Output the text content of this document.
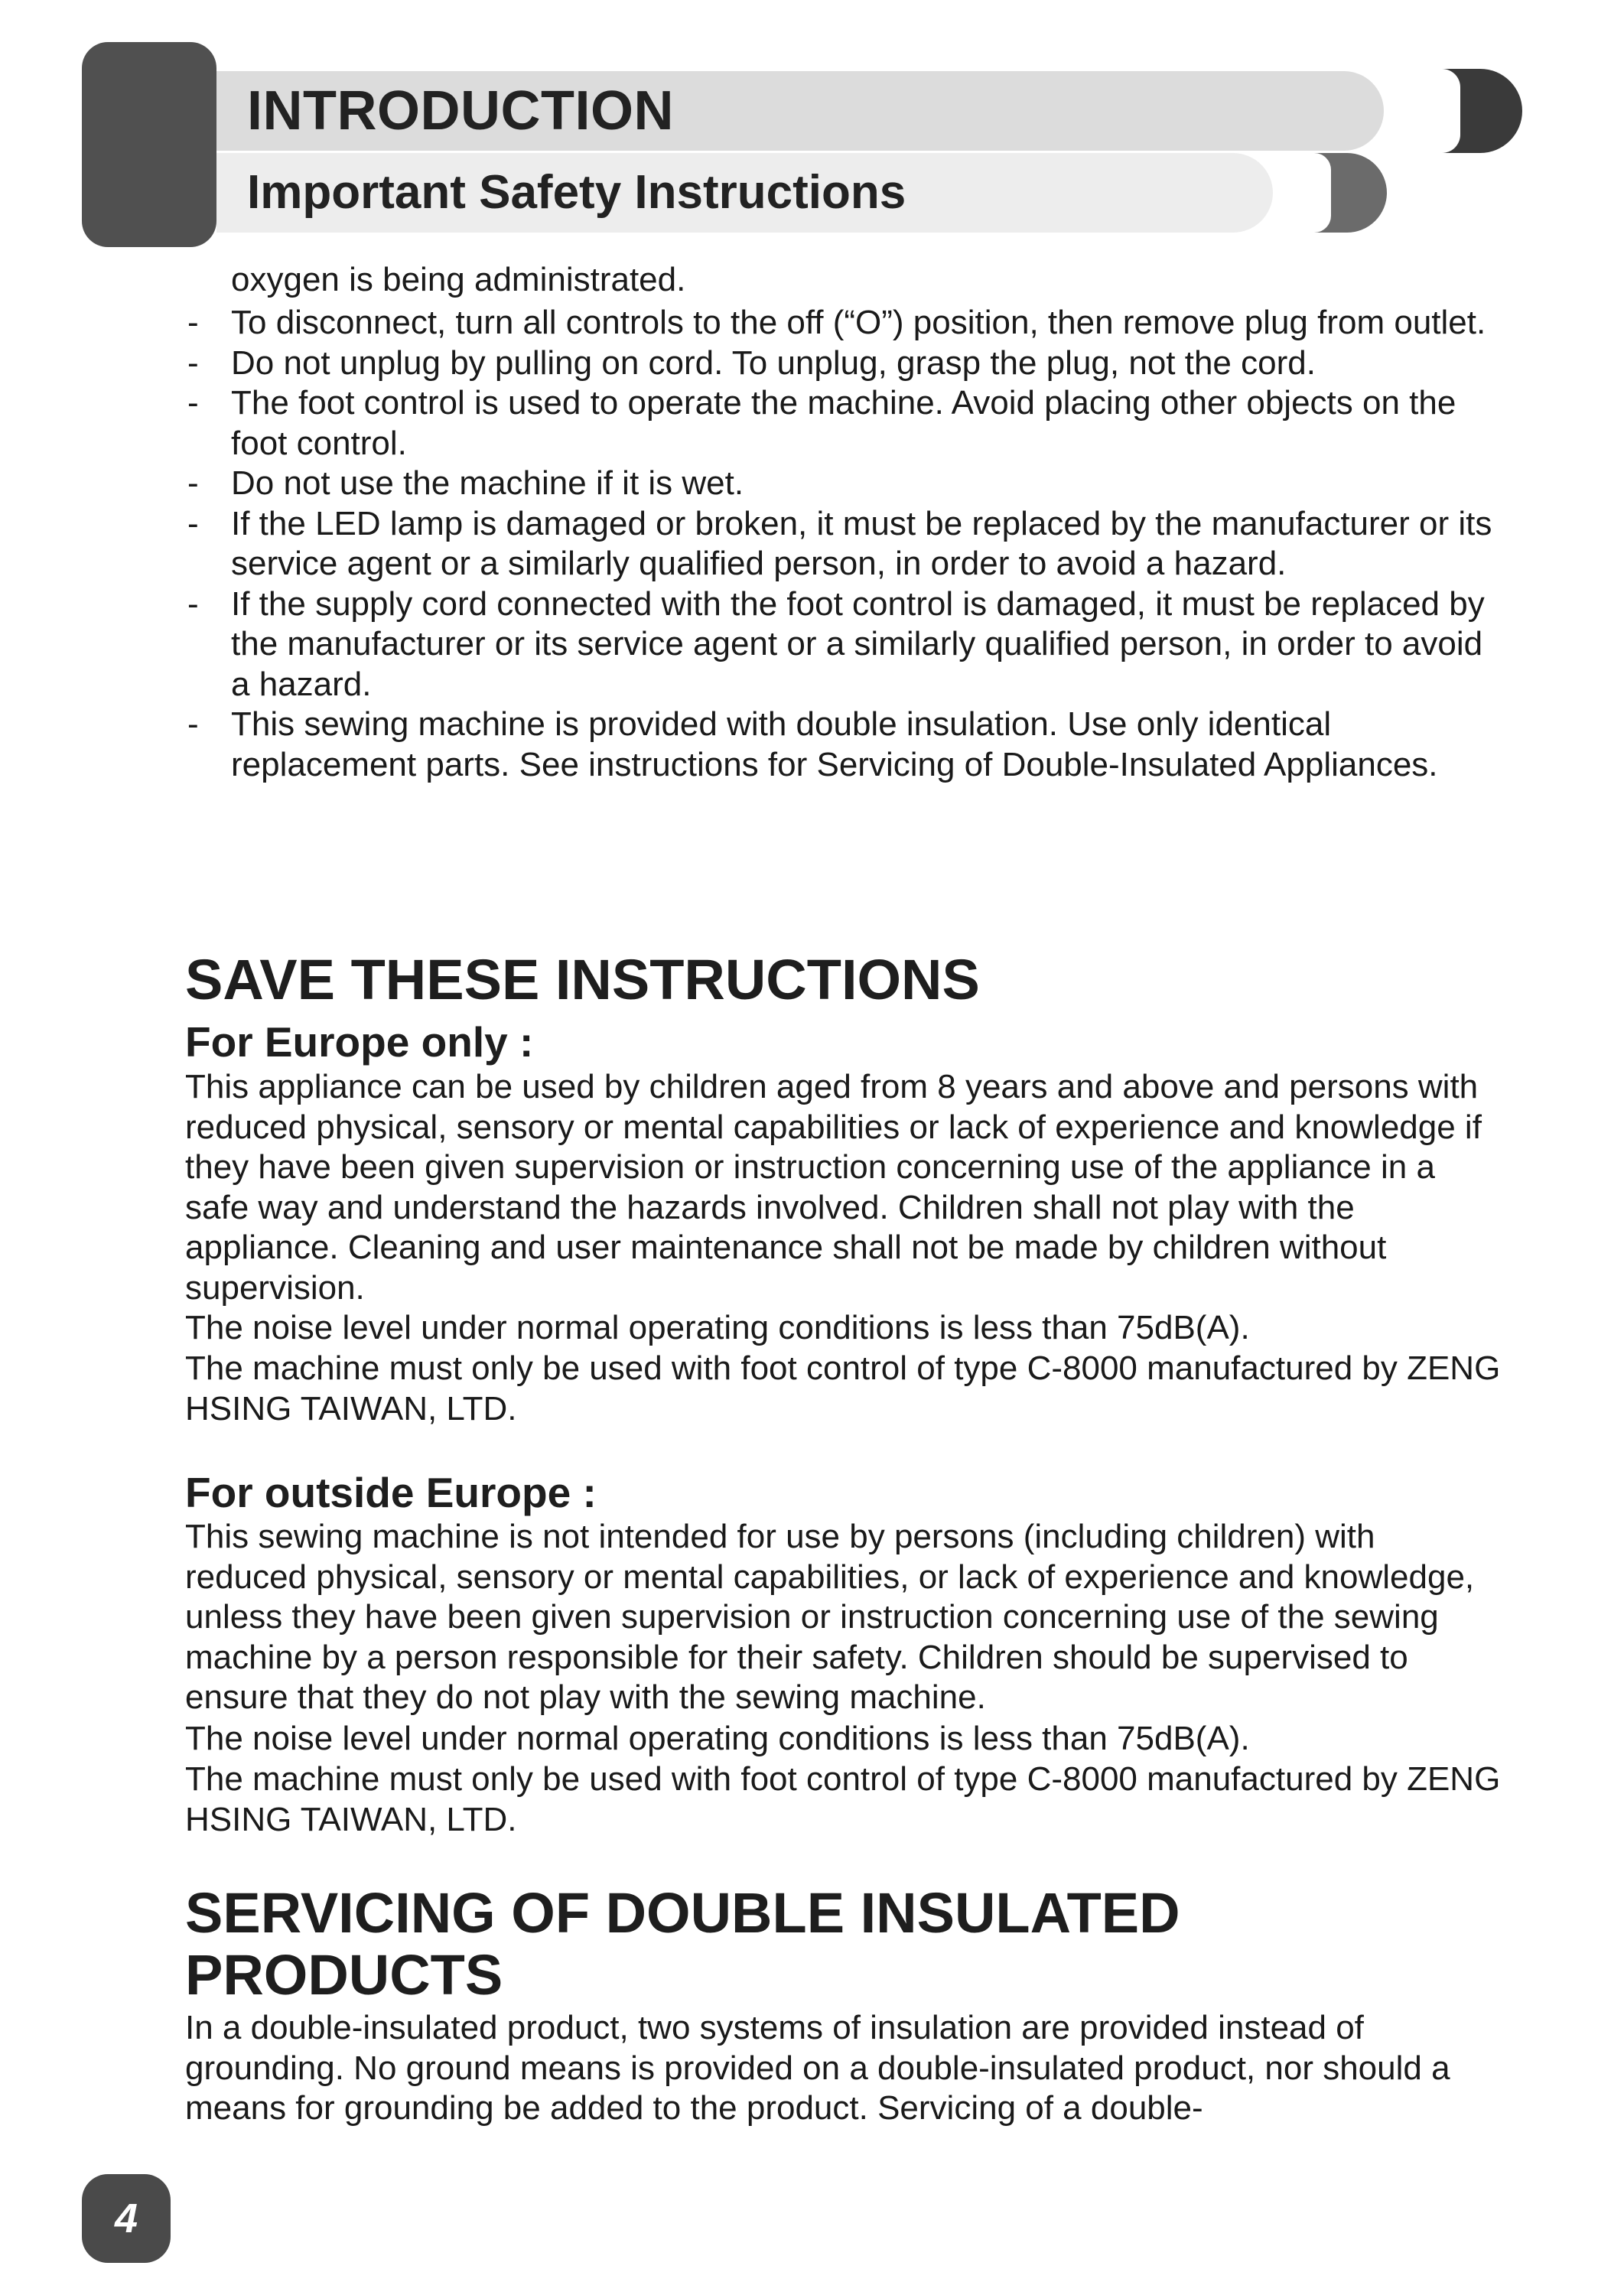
INTRODUCTION
Important Safety Instructions

oxygen is being administrated.

- To disconnect, turn all controls to the off (“O”) position, then remove plug from outlet.
- Do not unplug by pulling on cord. To unplug, grasp the plug, not the cord.
- The foot control is used to operate the machine. Avoid placing other objects on the foot control.
- Do not use the machine if it is wet.
- If the LED lamp is damaged or broken, it must be replaced by the manufacturer or its service agent or a similarly qualified person, in order to avoid a hazard.
- If the supply cord connected with the foot control is damaged, it must be replaced by the manufacturer or its service agent or a similarly qualified person, in order to avoid a hazard.
- This sewing machine is provided with double insulation. Use only identical replacement parts. See instructions for Servicing of Double-Insulated Appliances.
SAVE THESE INSTRUCTIONS
For Europe only :

This appliance can be used by children aged from 8 years and above and persons with reduced physical, sensory or mental capabilities or lack of experience and knowledge if they have been given supervision or instruction concerning use of the appliance in a safe way and understand the hazards involved. Children shall not play with the appliance. Cleaning and user maintenance shall not be made by children without supervision.

The noise level under normal operating conditions is less than 75dB(A).

The machine must only be used with foot control of type C-8000 manufactured by ZENG HSING TAIWAN, LTD.

For outside Europe :

This sewing machine is not intended for use by persons (including children) with reduced physical, sensory or mental capabilities, or lack of experience and knowledge, unless they have been given supervision or instruction concerning use of the sewing machine by a person responsible for their safety. Children should be supervised to ensure that they do not play with the sewing machine.

The noise level under normal operating conditions is less than 75dB(A).

The machine must only be used with foot control of type C-8000 manufactured by ZENG HSING TAIWAN, LTD.

SERVICING OF DOUBLE INSULATED
PRODUCTS

In a double-insulated product, two systems of insulation are provided instead of grounding. No ground means is provided on a double-insulated product, nor should a means for grounding be added to the product. Servicing of a double-

4
